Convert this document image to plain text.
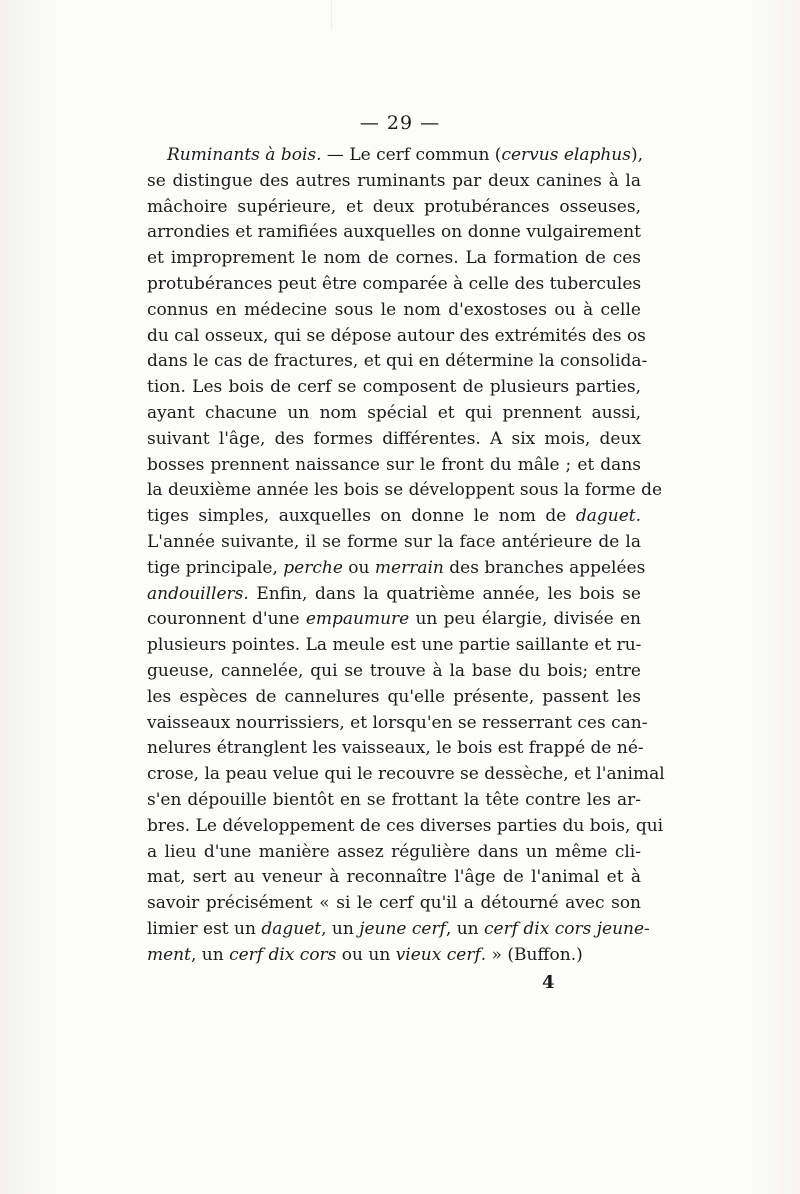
— 29 —
Ruminants à bois. — Le cerf commun (cervus elaphus),
se distingue des autres ruminants par deux canines à la
mâchoire supérieure, et deux protubérances osseuses,
arrondies et ramifiées auxquelles on donne vulgairement
et improprement le nom de cornes. La formation de ces
protubérances peut être comparée à celle des tubercules
connus en médecine sous le nom d'exostoses ou à celle
du cal osseux, qui se dépose autour des extrémités des os
dans le cas de fractures, et qui en détermine la consolida-
tion. Les bois de cerf se composent de plusieurs parties,
ayant chacune un nom spécial et qui prennent aussi,
suivant l'âge, des formes différentes. A six mois, deux
bosses prennent naissance sur le front du mâle ; et dans
la deuxième année les bois se développent sous la forme de
tiges simples, auxquelles on donne le nom de daguet.
L'année suivante, il se forme sur la face antérieure de la
tige principale, perche ou merrain des branches appelées
andouillers. Enfin, dans la quatrième année, les bois se
couronnent d'une empaumure un peu élargie, divisée en
plusieurs pointes. La meule est une partie saillante et ru-
gueuse, cannelée, qui se trouve à la base du bois; entre
les espèces de cannelures qu'elle présente, passent les
vaisseaux nourrissiers, et lorsqu'en se resserrant ces can-
nelures étranglent les vaisseaux, le bois est frappé de né-
crose, la peau velue qui le recouvre se dessèche, et l'animal
s'en dépouille bientôt en se frottant la tête contre les ar-
bres. Le développement de ces diverses parties du bois, qui
a lieu d'une manière assez régulière dans un même cli-
mat, sert au veneur à reconnaître l'âge de l'animal et à
savoir précisément « si le cerf qu'il a détourné avec son
limier est un daguet, un jeune cerf, un cerf dix cors jeune-
ment, un cerf dix cors ou un vieux cerf. » (Buffon.)
4
